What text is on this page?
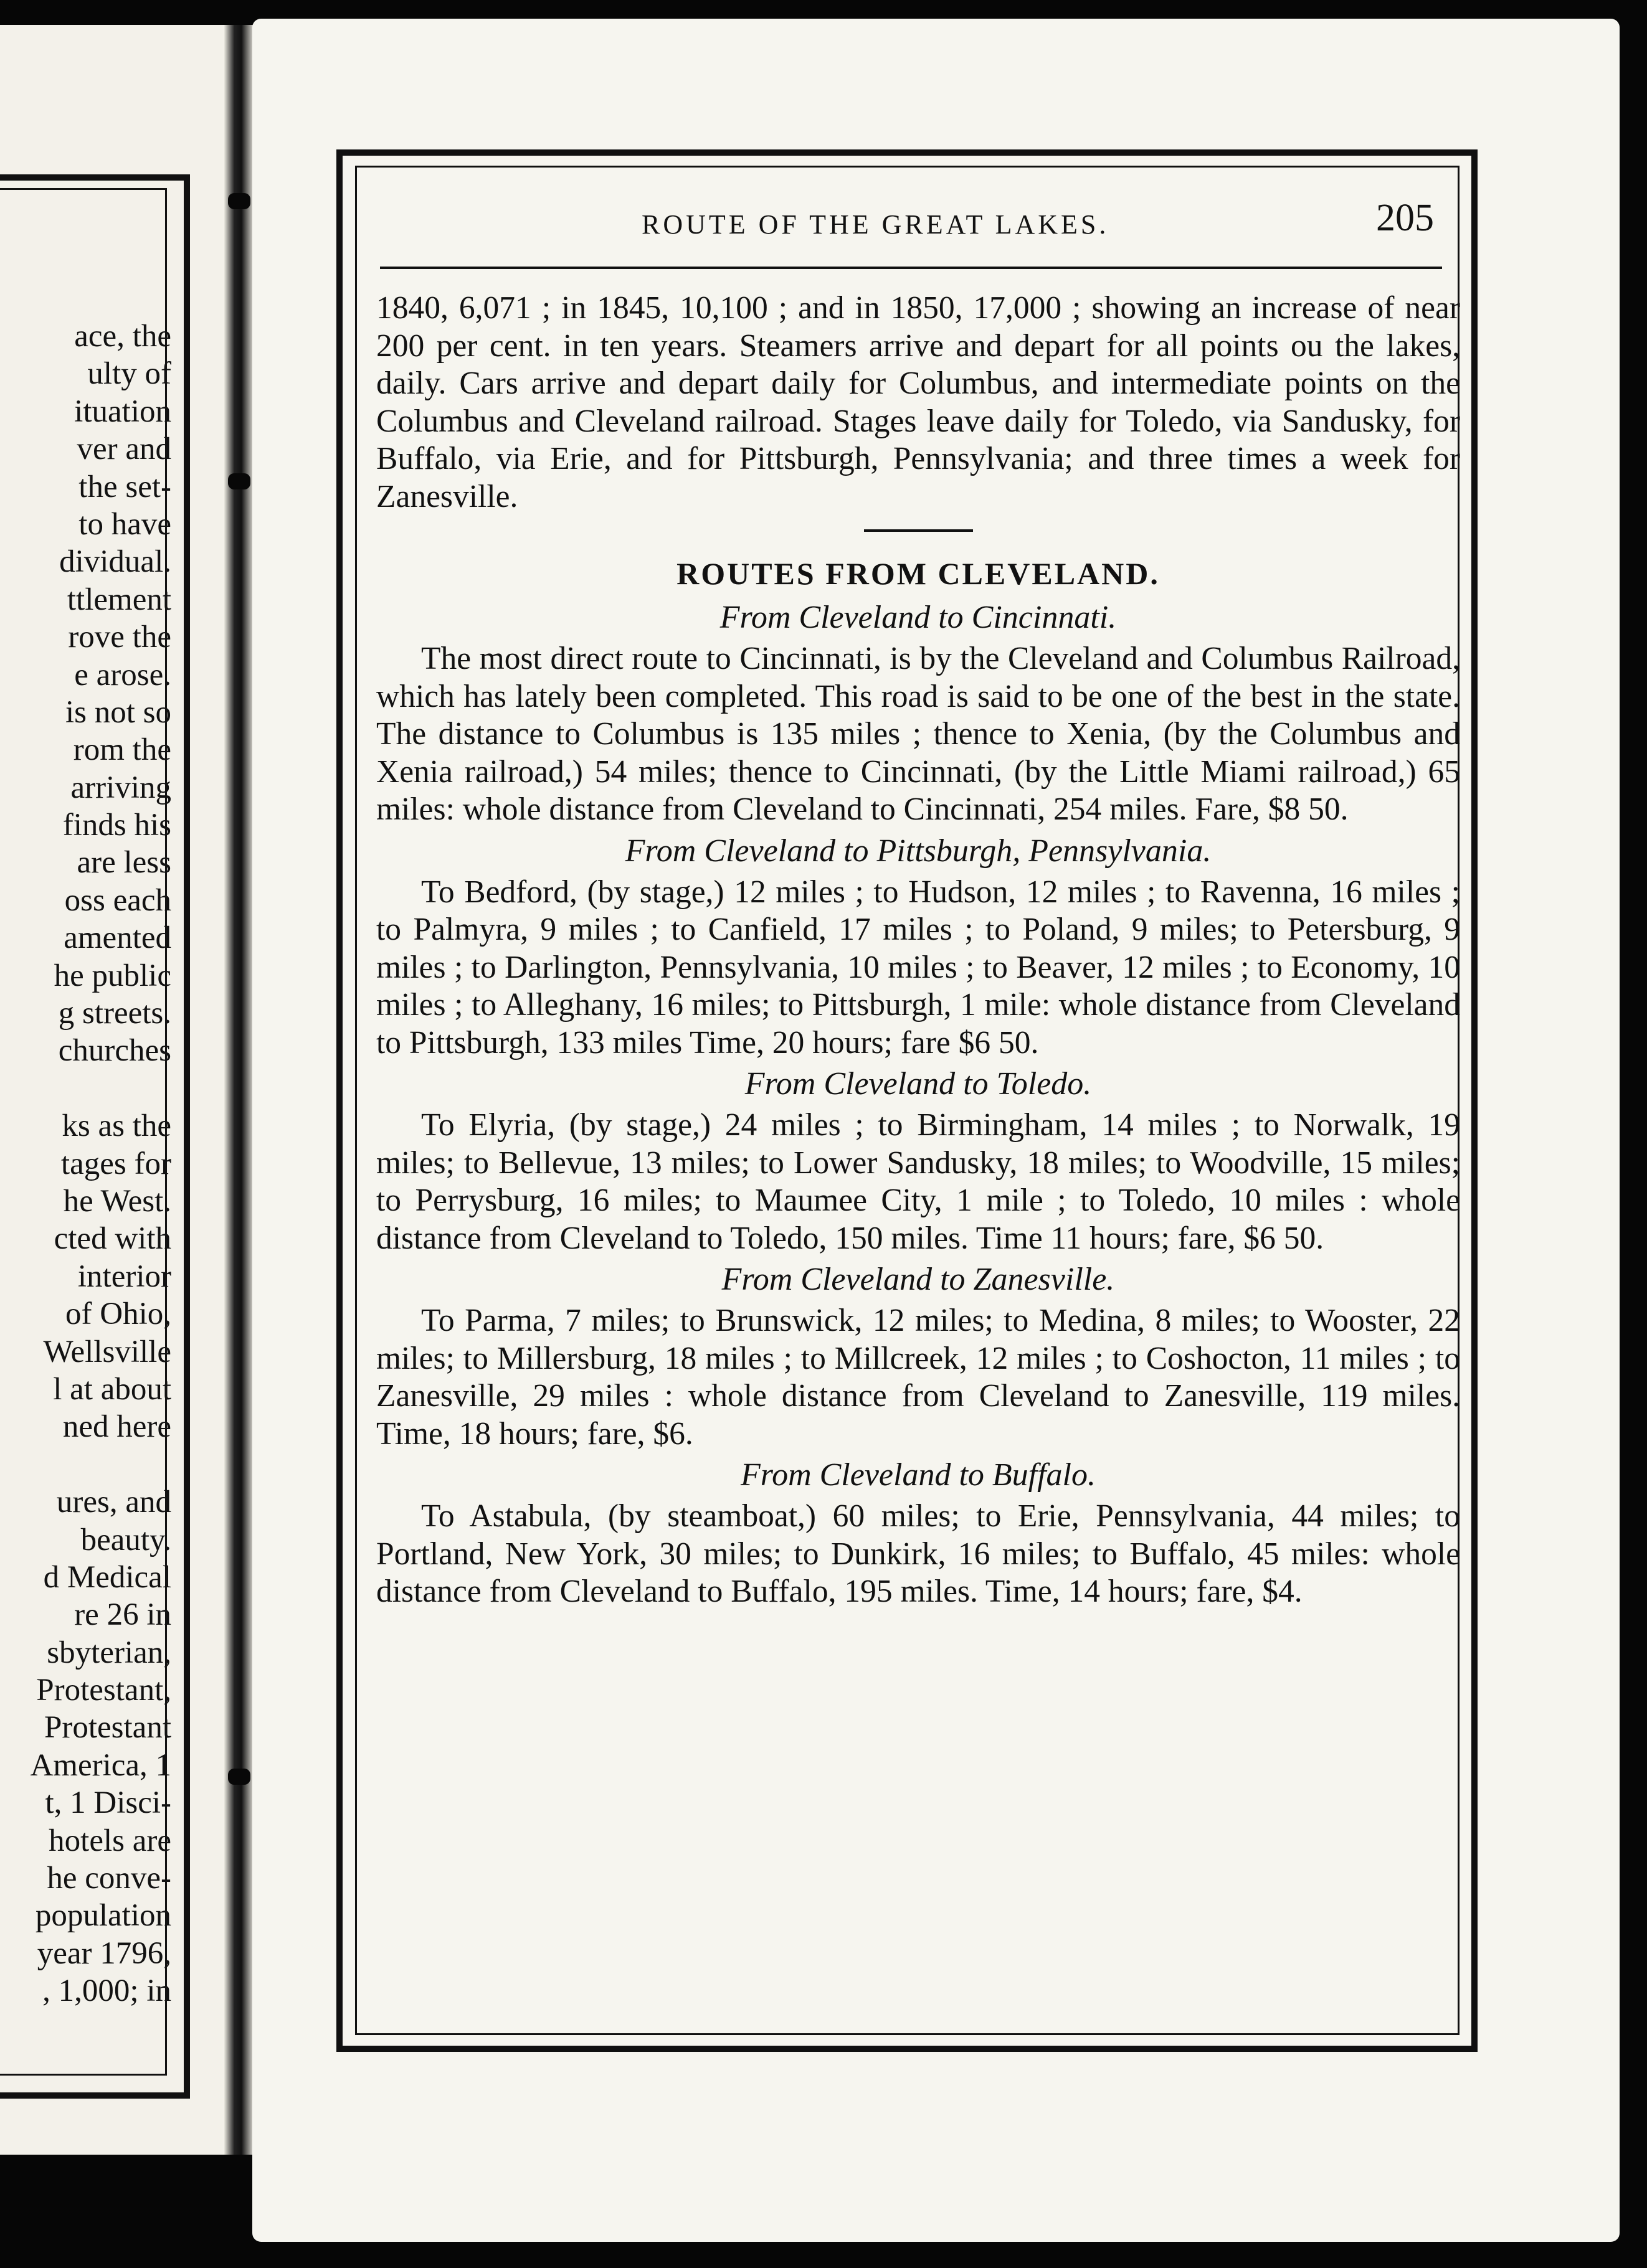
ace, the
ulty of
ituation
ver and
the set-
to have
dividual.
ttlement
rove the
e arose.
is not so
rom the
arriving
finds his
are less
oss each
amented
he public
g streets.
churches
ks as the
tages for
he West.
cted with
interior
of Ohio,
Wellsville
l at about
ned here
ures, and
beauty.
d Medical
re 26 in
sbyterian,
Protestant,
Protestant
America, 1
t, 1 Disci-
hotels are
he conve-
population
year 1796,
, 1,000; in
ROUTE OF THE GREAT LAKES.	205

1840, 6,071 ; in 1845, 10,100 ; and in 1850, 17,000 ; showing an increase of near 200 per cent. in ten years. Steamers arrive and depart for all points ou the lakes, daily. Cars arrive and depart daily for Columbus, and intermediate points on the Columbus and Cleveland railroad. Stages leave daily for Toledo, via Sandusky, for Buffalo, via Erie, and for Pittsburgh, Pennsylvania; and three times a week for Zanesville.

ROUTES FROM CLEVELAND.

From Cleveland to Cincinnati.

The most direct route to Cincinnati, is by the Cleveland and Columbus Railroad, which has lately been completed. This road is said to be one of the best in the state. The distance to Columbus is 135 miles ; thence to Xenia, (by the Columbus and Xenia railroad,) 54 miles; thence to Cincinnati, (by the Little Miami railroad,) 65 miles: whole distance from Cleveland to Cincinnati, 254 miles. Fare, $8 50.

From Cleveland to Pittsburgh, Pennsylvania.

To Bedford, (by stage,) 12 miles ; to Hudson, 12 miles ; to Ravenna, 16 miles ; to Palmyra, 9 miles ; to Canfield, 17 miles ; to Poland, 9 miles; to Petersburg, 9 miles ; to Darlington, Pennsylvania, 10 miles ; to Beaver, 12 miles ; to Economy, 10 miles ; to Alleghany, 16 miles; to Pittsburgh, 1 mile: whole distance from Cleveland to Pittsburgh, 133 miles Time, 20 hours; fare $6 50.

From Cleveland to Toledo.

To Elyria, (by stage,) 24 miles ; to Birmingham, 14 miles ; to Norwalk, 19 miles; to Bellevue, 13 miles; to Lower Sandusky, 18 miles; to Woodville, 15 miles; to Perrysburg, 16 miles; to Maumee City, 1 mile ; to Toledo, 10 miles : whole distance from Cleveland to Toledo, 150 miles. Time 11 hours; fare, $6 50.

From Cleveland to Zanesville.

To Parma, 7 miles; to Brunswick, 12 miles; to Medina, 8 miles; to Wooster, 22 miles; to Millersburg, 18 miles ; to Millcreek, 12 miles ; to Coshocton, 11 miles ; to Zanesville, 29 miles : whole distance from Cleveland to Zanesville, 119 miles. Time, 18 hours; fare, $6.

From Cleveland to Buffalo.

To Astabula, (by steamboat,) 60 miles; to Erie, Pennsylvania, 44 miles; to Portland, New York, 30 miles; to Dunkirk, 16 miles; to Buffalo, 45 miles: whole distance from Cleveland to Buffalo, 195 miles. Time, 14 hours; fare, $4.
